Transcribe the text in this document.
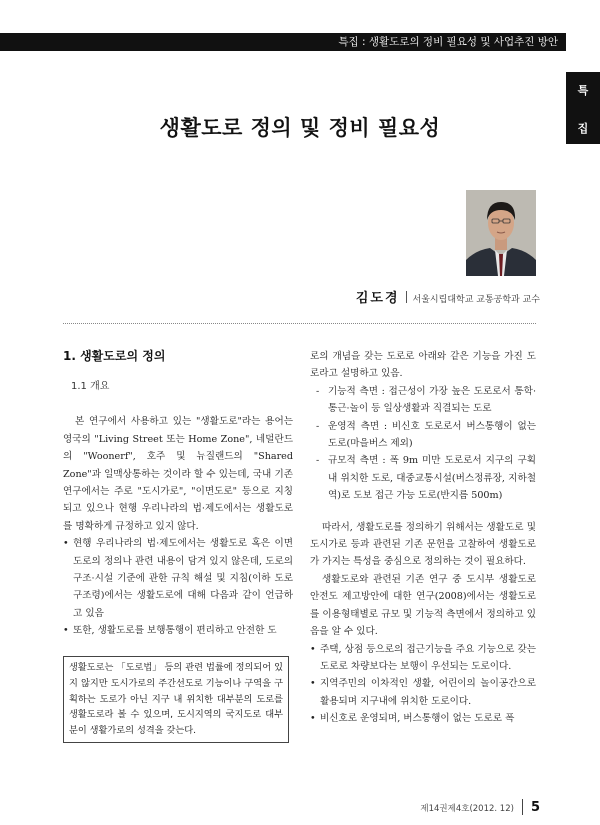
특집 : 생활도로의 정비 필요성 및 사업추진 방안
특
집
생활도로 정의 및 정비 필요성
김도경 서울시립대학교 교통공학과 교수
1. 생활도로의 정의
1.1 개요

본 연구에서 사용하고 있는 "생활도로"라는 용어는 영국의 "Living Street 또는 Home Zone", 네덜란드의 "Woonerf", 호주 및 뉴질랜드의 "Shared Zone"과 일맥상통하는 것이라 할 수 있는데, 국내 기존 연구에서는 주로 "도시가로", "이면도로" 등으로 지칭되고 있으나 현행 우리나라의 법·제도에서는 생활도로를 명확하게 규정하고 있지 않다.

• 현행 우리나라의 법·제도에서는 생활도로 혹은 이면도로의 정의나 관련 내용이 담겨 있지 않은데, 도로의 구조·시설 기준에 관한 규칙 해설 및 지침(이하 도로구조령)에서는 생활도로에 대해 다음과 같이 언급하고 있음

• 또한, 생활도로를 보행통행이 편리하고 안전한 도

생활도로는 「도로법」 등의 관련 법률에 정의되어 있지 않지만 도시가로의 주간선도로 기능이나 구역을 구획하는 도로가 아닌 지구 내 위치한 대부분의 도로를 생활도로라 볼 수 있으며, 도시지역의 국지도로 대부분이 생활가로의 성격을 갖는다.

로의 개념을 갖는 도로로 아래와 같은 기능을 가진 도로라고 설명하고 있음.

- 기능적 측면 : 접근성이 가장 높은 도로로서 통학·통근·놀이 등 일상생활과 직결되는 도로

- 운영적 측면 : 비신호 도로로서 버스통행이 없는 도로(마을버스 제외)

- 규모적 측면 : 폭 9m 미만 도로로서 지구의 구획 내 위치한 도로, 대중교통시설(버스정류장, 지하철역)로 도보 접근 가능 도로(반지름 500m)

따라서, 생활도로를 정의하기 위해서는 생활도로 및 도시가로 등과 관련된 기존 문헌을 고찰하여 생활도로가 가지는 특성을 중심으로 정의하는 것이 필요하다.

생활도로와 관련된 기존 연구 중 도시부 생활도로 안전도 제고방안에 대한 연구(2008)에서는 생활도로를 이용형태별로 규모 및 기능적 측면에서 정의하고 있음을 알 수 있다.

• 주택, 상점 등으로의 접근기능을 주요 기능으로 갖는 도로로 차량보다는 보행이 우선되는 도로이다.

• 지역주민의 이차적인 생활, 어린이의 놀이공간으로 활용되며 지구내에 위치한 도로이다.

• 비신호로 운영되며, 버스통행이 없는 도로로 폭

제14권제4호(2012. 12) 5
